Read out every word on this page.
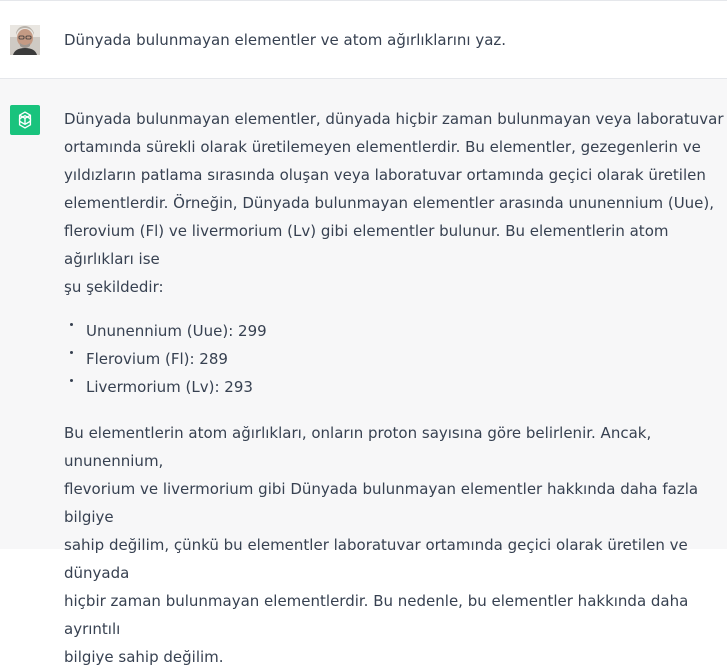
Dünyada bulunmayan elementler ve atom ağırlıklarını yaz.

Dünyada bulunmayan elementler, dünyada hiçbir zaman bulunmayan veya laboratuvar
ortamında sürekli olarak üretilemeyen elementlerdir. Bu elementler, gezegenlerin ve
yıldızların patlama sırasında oluşan veya laboratuvar ortamında geçici olarak üretilen
elementlerdir. Örneğin, Dünyada bulunmayan elementler arasında ununennium (Uue),
flerovium (Fl) ve livermorium (Lv) gibi elementler bulunur. Bu elementlerin atom ağırlıkları ise
şu şekildedir:

Ununennium (Uue): 299
Flerovium (Fl): 289
Livermorium (Lv): 293

Bu elementlerin atom ağırlıkları, onların proton sayısına göre belirlenir. Ancak, ununennium,
flevorium ve livermorium gibi Dünyada bulunmayan elementler hakkında daha fazla bilgiye
sahip değilim, çünkü bu elementler laboratuvar ortamında geçici olarak üretilen ve dünyada
hiçbir zaman bulunmayan elementlerdir. Bu nedenle, bu elementler hakkında daha ayrıntılı
bilgiye sahip değilim.
